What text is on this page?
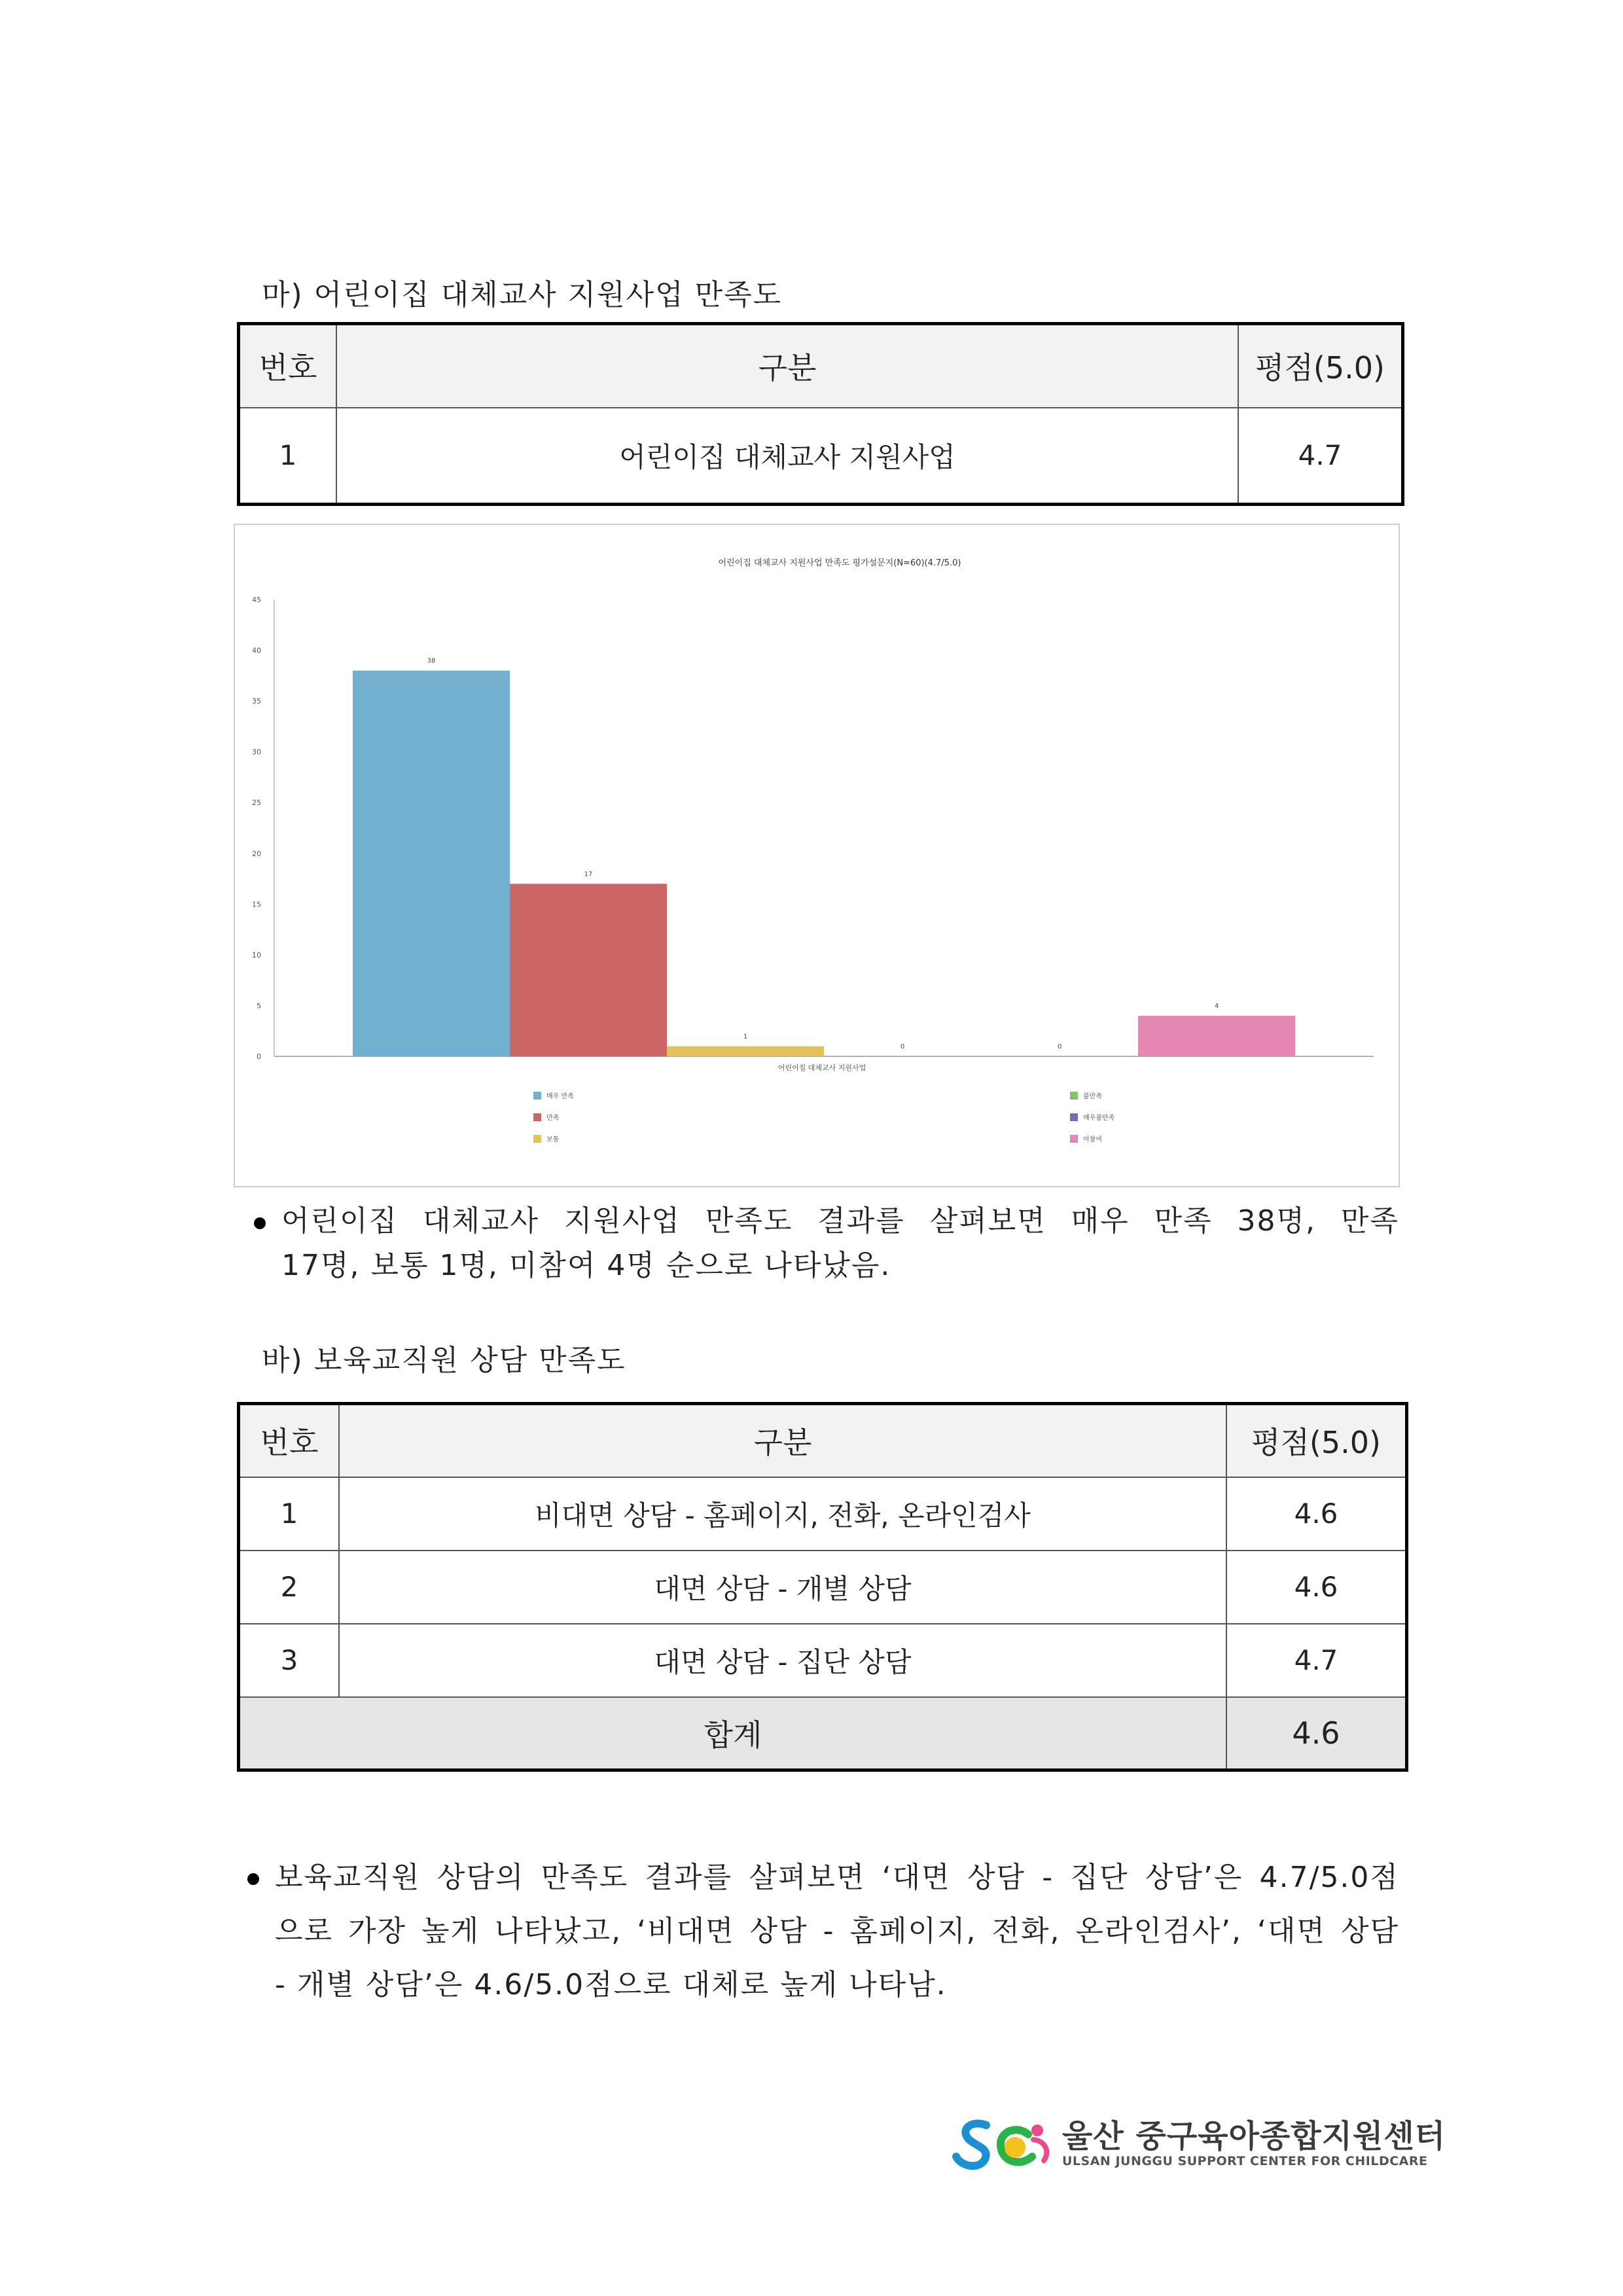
마) 어린이집 대체교사 지원사업 만족도
번호	구분	평점(5.0)
1	어린이집 대체교사 지원사업	4.7
어린이집 대체교사 지원사업 만족도 평가설문지(N=60)(4.7/5.0)
0
5
10
15
20
25
30
35
40
45
38
17
1
0	0
4
어린이집 대체교사 지원사업
매우 만족
만족
보통
불만족
매우불만족
미참여
어린이집 대체교사 지원사업 만족도 결과를 살펴보면 매우 만족 38명, 만족
17명, 보통 1명, 미참여 4명 순으로 나타났음.
바) 보육교직원 상담 만족도
번호	구분	평점(5.0)
1	비대면 상담 - 홈페이지, 전화, 온라인검사	4.6
2	대면 상담 - 개별 상담	4.6
3	대면 상담 - 집단 상담	4.7
합계		4.6
보육교직원 상담의 만족도 결과를 살펴보면 ‘대면 상담 - 집단 상담’은 4.7/5.0점
으로 가장 높게 나타났고, ‘비대면 상담 - 홈페이지, 전화, 온라인검사’, ‘대면 상담
- 개별 상담’은 4.6/5.0점으로 대체로 높게 나타남.
울산 중구육아종합지원센터
ULSAN JUNGGU SUPPORT CENTER FOR CHILDCARE
